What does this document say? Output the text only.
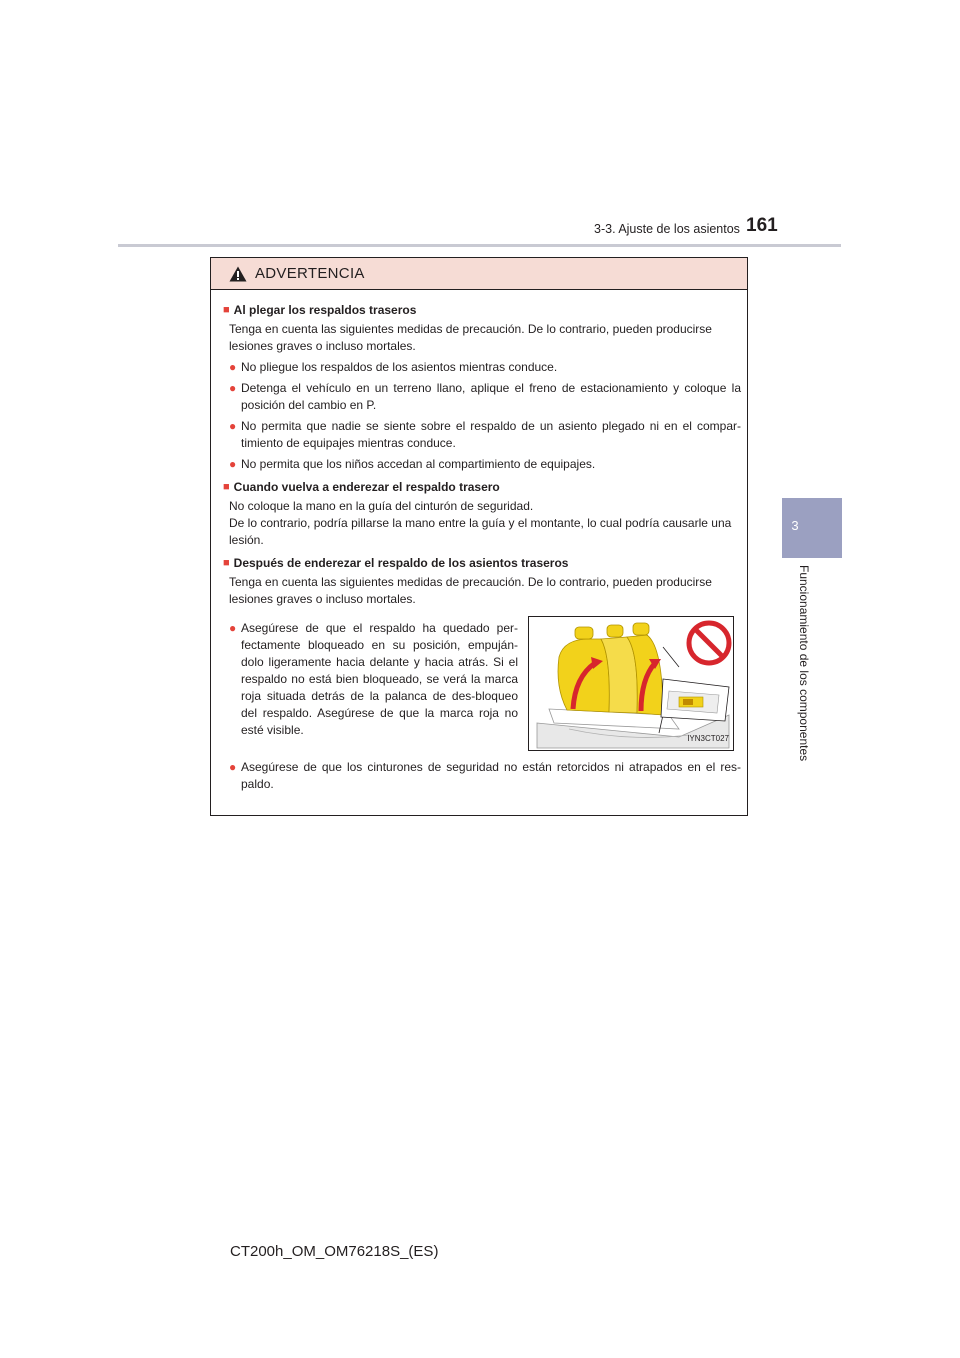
3-3. Ajuste de los asientos 161
3
Funcionamiento de los componentes
ADVERTENCIA
■ Al plegar los respaldos traseros
Tenga en cuenta las siguientes medidas de precaución. De lo contrario, pueden producirse lesiones graves o incluso mortales.
● No pliegue los respaldos de los asientos mientras conduce.
● Detenga el vehículo en un terreno llano, aplique el freno de estacionamiento y coloque la posición del cambio en P.
● No permita que nadie se siente sobre el respaldo de un asiento plegado ni en el compar-timiento de equipajes mientras conduce.
● No permita que los niños accedan al compartimiento de equipajes.
■ Cuando vuelva a enderezar el respaldo trasero
No coloque la mano en la guía del cinturón de seguridad.
De lo contrario, podría pillarse la mano entre la guía y el montante, lo cual podría causarle una lesión.
■ Después de enderezar el respaldo de los asientos traseros
Tenga en cuenta las siguientes medidas de precaución. De lo contrario, pueden producirse lesiones graves o incluso mortales.
● Asegúrese de que el respaldo ha quedado per-fectamente bloqueado en su posición, empuján-dolo ligeramente hacia delante y hacia atrás. Si el respaldo no está bien bloqueado, se verá la marca roja situada detrás de la palanca de des-bloqueo del respaldo. Asegúrese de que la marca roja no esté visible.
IYN3CT027
● Asegúrese de que los cinturones de seguridad no están retorcidos ni atrapados en el res-paldo.
CT200h_OM_OM76218S_(ES)
